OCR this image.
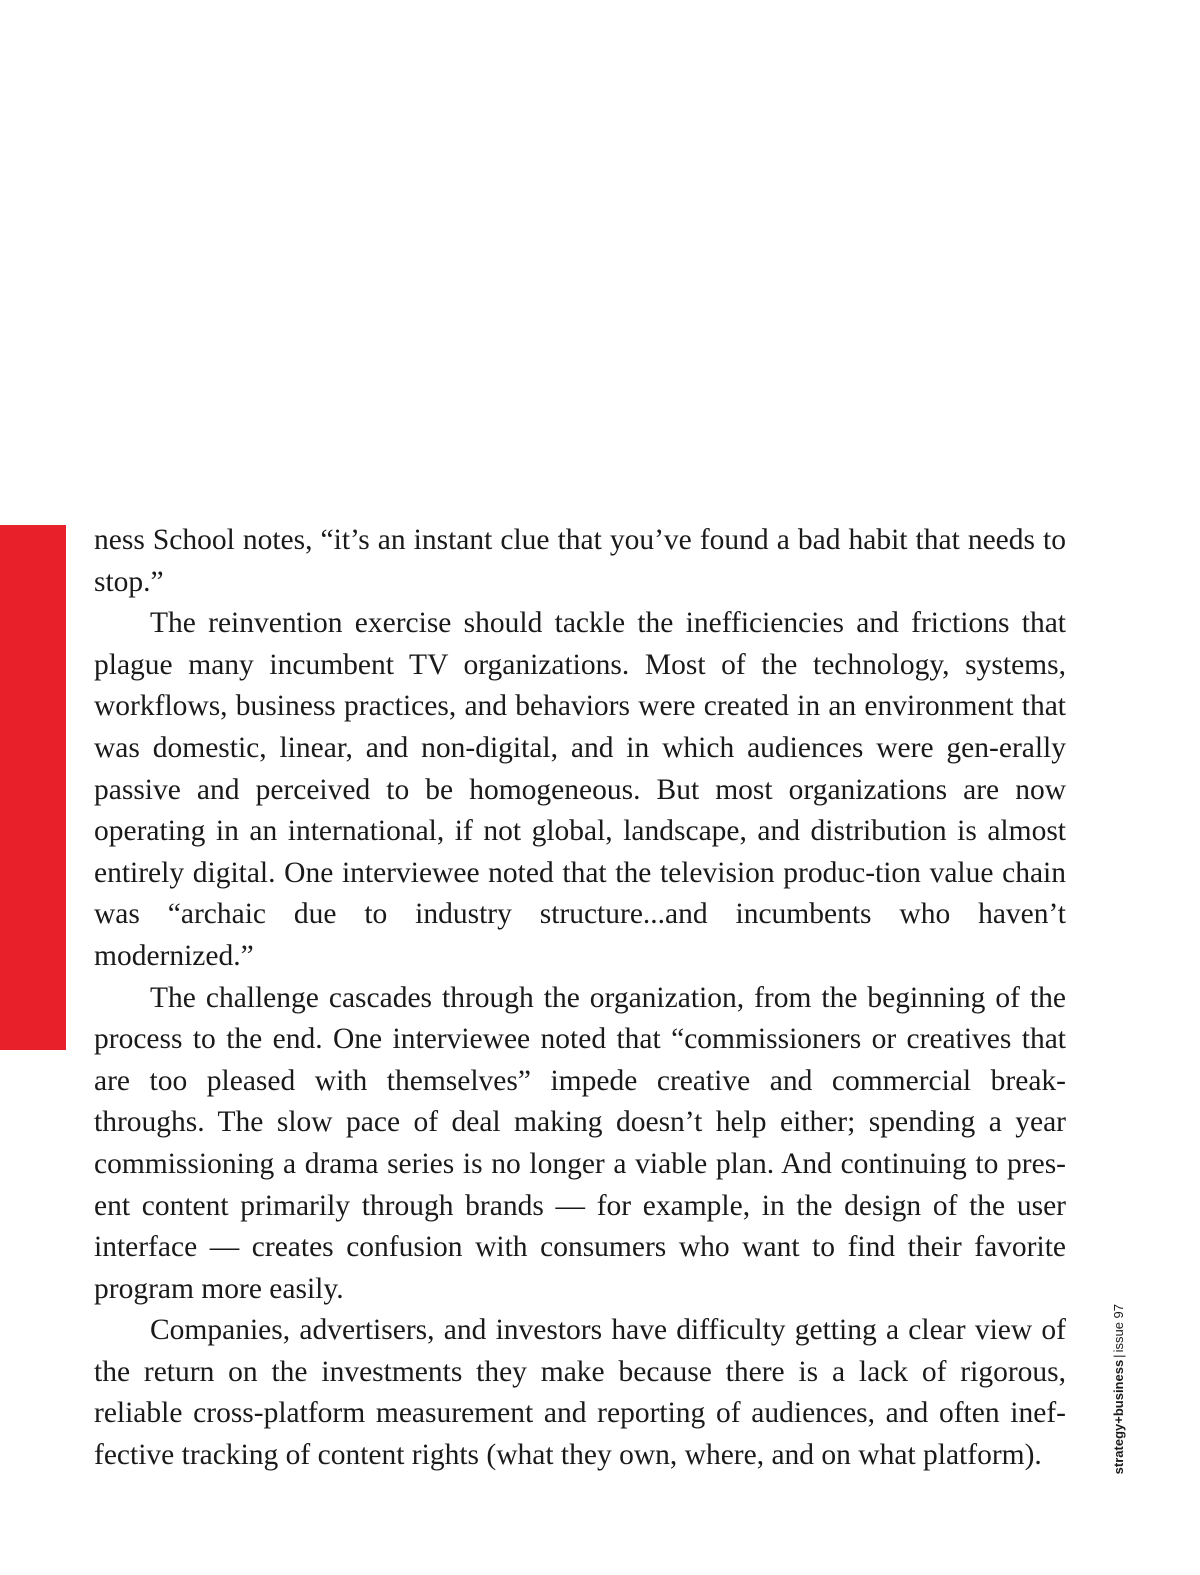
feature|tech & innovation
106

ness School notes, “it’s an instant clue that you’ve found a bad habit that needs to stop.”

The reinvention exercise should tackle the inefficiencies and frictions that plague many incumbent TV organizations. Most of the technology, systems, workflows, business practices, and behaviors were created in an environment that was domestic, linear, and non-digital, and in which audiences were gen-erally passive and perceived to be homogeneous. But most organizations are now operating in an international, if not global, landscape, and distribution is almost entirely digital. One interviewee noted that the television produc-tion value chain was “archaic due to industry structure...and incumbents who haven’t modernized.”

The challenge cascades through the organization, from the beginning of the process to the end. One interviewee noted that “commissioners or creatives that are too pleased with themselves” impede creative and commercial break-throughs. The slow pace of deal making doesn’t help either; spending a year commissioning a drama series is no longer a viable plan. And continuing to pres-ent content primarily through brands — for example, in the design of the user interface — creates confusion with consumers who want to find their favorite program more easily.

Companies, advertisers, and investors have difficulty getting a clear view of the return on the investments they make because there is a lack of rigorous, reliable cross-platform measurement and reporting of audiences, and often inef-fective tracking of content rights (what they own, where, and on what platform).	strategy+business|issue 97
